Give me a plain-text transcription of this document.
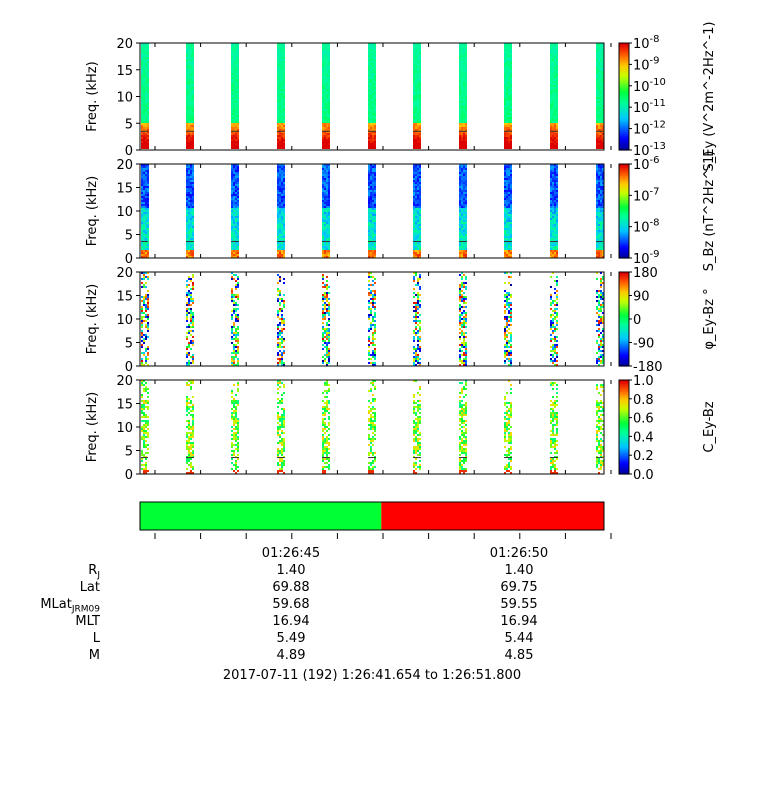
0
5
10
15
20
Freq. (kHz)
$10^{-8}$
$10^{-9}$
$10^{-10}$
$10^{-11}$
$10^{-12}$
$10^{-13}$	S_Ey (V^2m^-2Hz^-1)
0
5
10
15
20
Freq. (kHz)
$10^{-6}$
$10^{-7}$
$10^{-8}$
$10^{-9}$	S_Bz (nT^2Hz^-1)
0
5
10
15
20
Freq. (kHz)
180
90
0
-90
-180
φ_Ey-Bz °
0
5
10
15
20
Freq. (kHz)
1.0
0.8
0.6
0.4
0.2
0.0
C_Ey-Bz
$R_J$
Lat
MLat$_{JRM09}$
MLT
L
M
01:26:45
1.40
69.88
59.68
16.94
5.49
4.89
01:26:50
1.40
69.75
59.55
16.94
5.44
4.85
2017-07-11 (192) 1:26:41.654 to 1:26:51.800
